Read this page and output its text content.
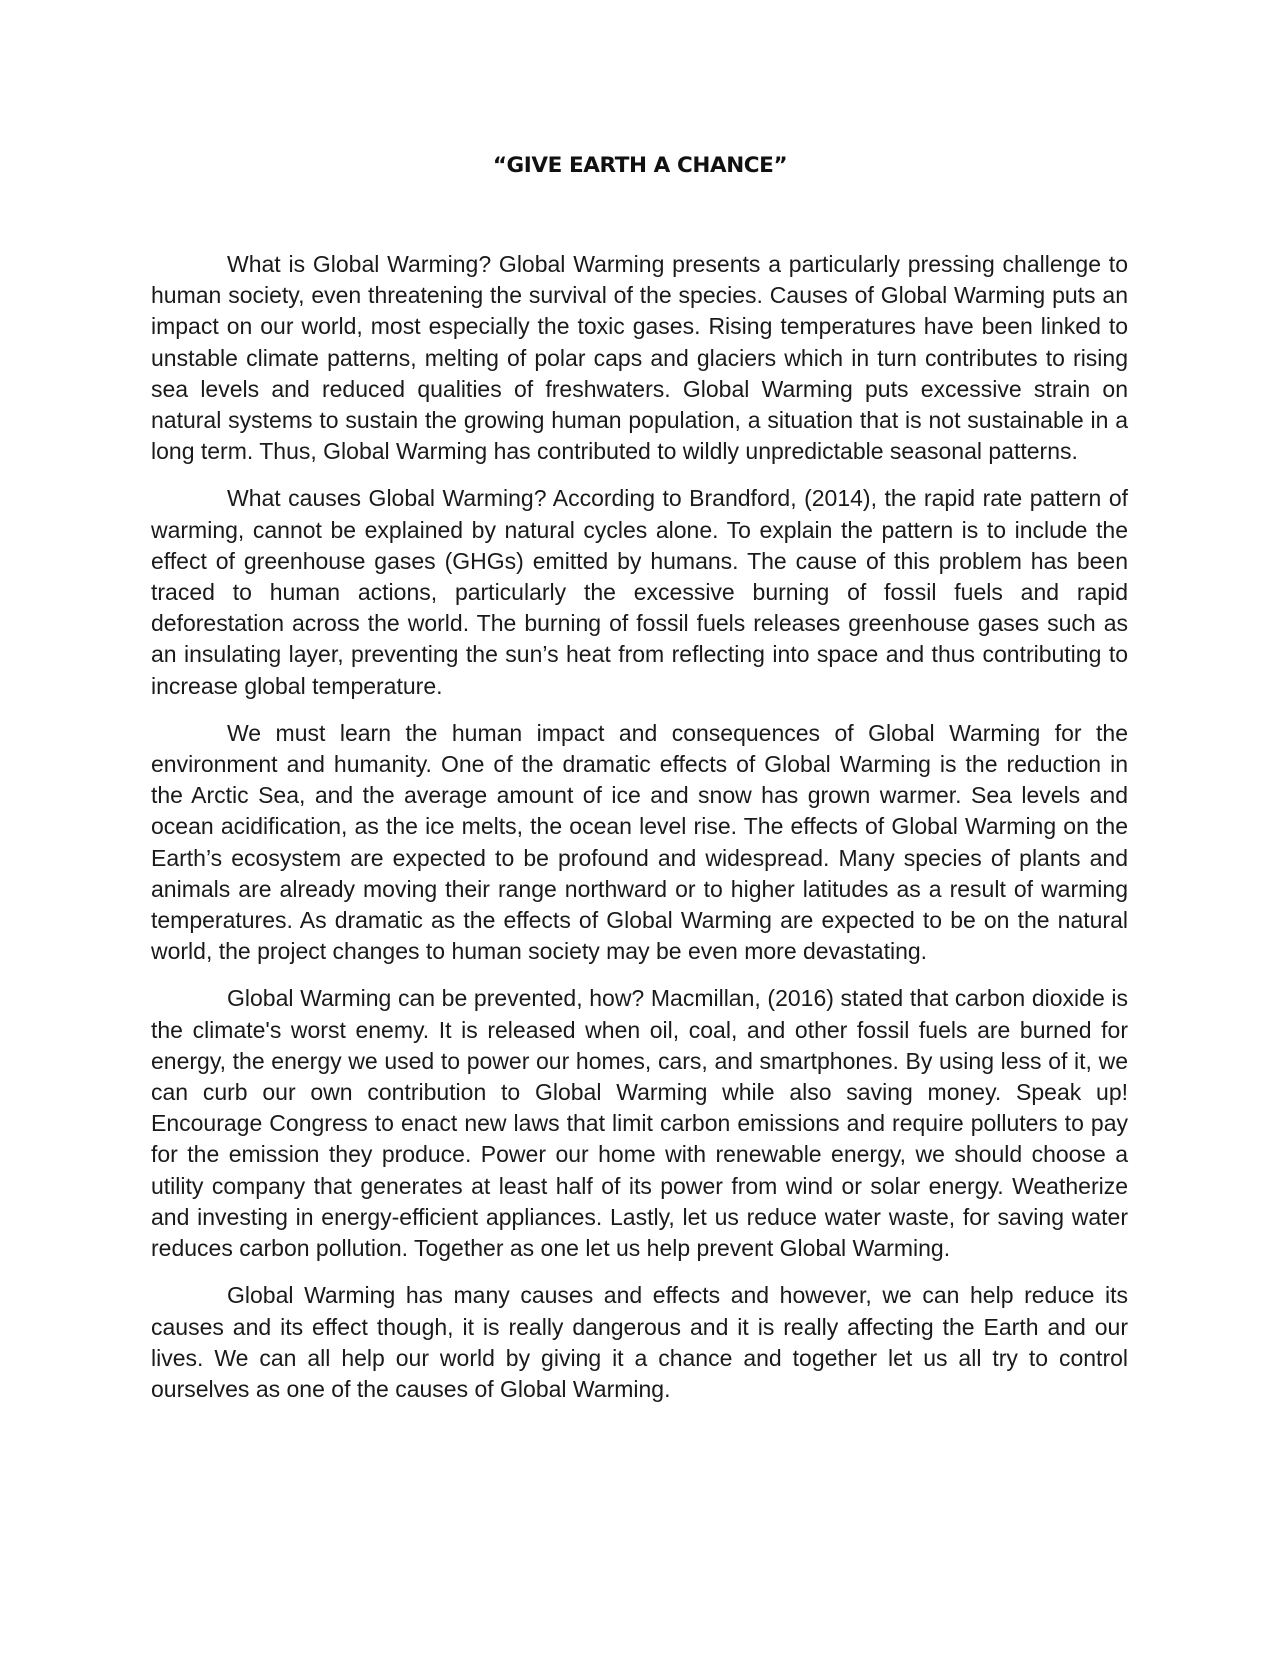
“GIVE EARTH A CHANCE”

What is Global Warming? Global Warming presents a particularly pressing challenge to human society, even threatening the survival of the species. Causes of Global Warming puts an impact on our world, most especially the toxic gases. Rising temperatures have been linked to unstable climate patterns, melting of polar caps and glaciers which in turn contributes to rising sea levels and reduced qualities of freshwaters. Global Warming puts excessive strain on natural systems to sustain the growing human population, a situation that is not sustainable in a long term. Thus, Global Warming has contributed to wildly unpredictable seasonal patterns.

What causes Global Warming? According to Brandford, (2014), the rapid rate pattern of warming, cannot be explained by natural cycles alone. To explain the pattern is to include the effect of greenhouse gases (GHGs) emitted by humans. The cause of this problem has been traced to human actions, particularly the excessive burning of fossil fuels and rapid deforestation across the world. The burning of fossil fuels releases greenhouse gases such as an insulating layer, preventing the sun’s heat from reflecting into space and thus contributing to increase global temperature.

We must learn the human impact and consequences of Global Warming for the environment and humanity. One of the dramatic effects of Global Warming is the reduction in the Arctic Sea, and the average amount of ice and snow has grown warmer. Sea levels and ocean acidification, as the ice melts, the ocean level rise. The effects of Global Warming on the Earth’s ecosystem are expected to be profound and widespread. Many species of plants and animals are already moving their range northward or to higher latitudes as a result of warming temperatures. As dramatic as the effects of Global Warming are expected to be on the natural world, the project changes to human society may be even more devastating.

Global Warming can be prevented, how? Macmillan, (2016) stated that carbon dioxide is the climate's worst enemy. It is released when oil, coal, and other fossil fuels are burned for energy, the energy we used to power our homes, cars, and smartphones. By using less of it, we can curb our own contribution to Global Warming while also saving money. Speak up! Encourage Congress to enact new laws that limit carbon emissions and require polluters to pay for the emission they produce. Power our home with renewable energy, we should choose a utility company that generates at least half of its power from wind or solar energy. Weatherize and investing in energy-efficient appliances. Lastly, let us reduce water waste, for saving water reduces carbon pollution. Together as one let us help prevent Global Warming.

Global Warming has many causes and effects and however, we can help reduce its causes and its effect though, it is really dangerous and it is really affecting the Earth and our lives. We can all help our world by giving it a chance and together let us all try to control ourselves as one of the causes of Global Warming.
